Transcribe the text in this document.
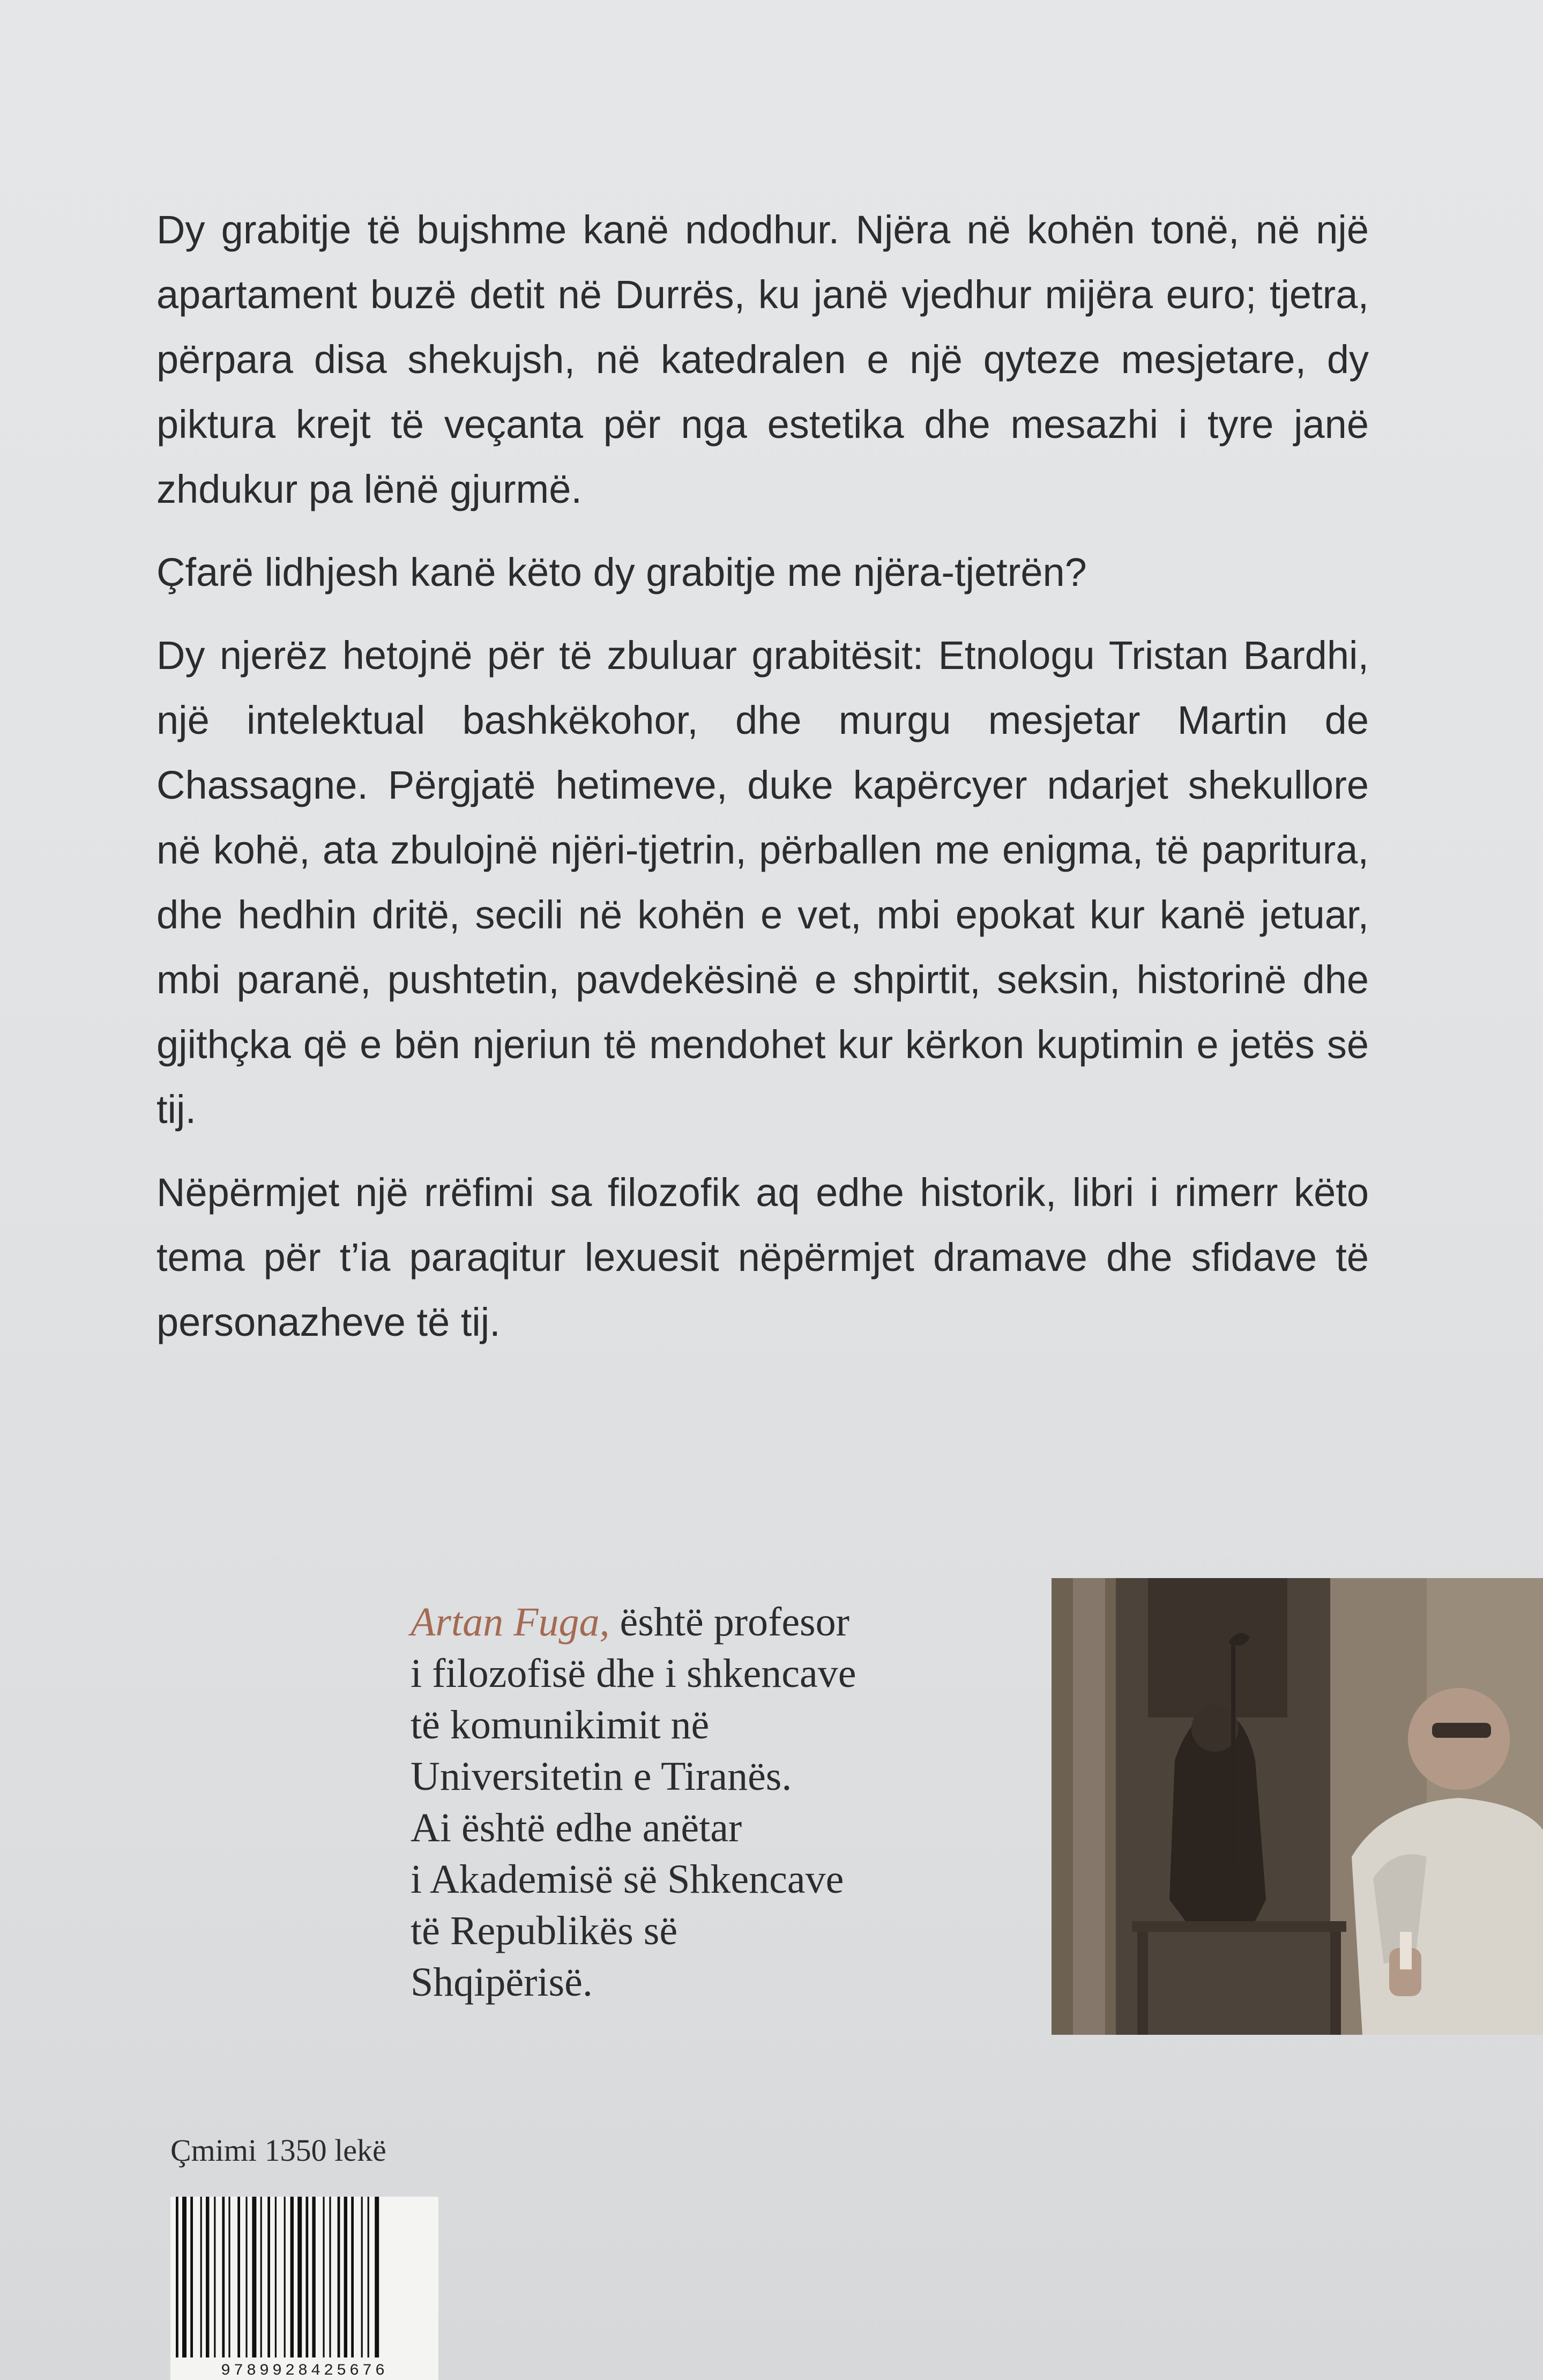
Dy grabitje të bujshme kanë ndodhur. Njëra në kohën tonë, në një apartament buzë detit në Durrës, ku janë vjedhur mijëra euro; tjetra, përpara disa shekujsh, në katedralen e një qyteze mesjetare, dy piktura krejt të veçanta për nga estetika dhe mesazhi i tyre janë zhdukur pa lënë gjurmë.

Çfarë lidhjesh kanë këto dy grabitje me njëra-tjetrën?

Dy njerëz hetojnë për të zbuluar grabitësit: Etnologu Tristan Bardhi, një intelektual bashkëkohor, dhe murgu mesjetar Martin de Chassagne. Përgjatë hetimeve, duke kapërcyer ndarjet shekullore në kohë, ata zbulojnë njëri-tjetrin, përballen me enigma, të papritura, dhe hedhin dritë, secili në kohën e vet, mbi epokat kur kanë jetuar, mbi paranë, pushtetin, pavdekësinë e shpirtit, seksin, historinë dhe gjithçka që e bën njeriun të mendohet kur kërkon kuptimin e jetës së tij.

Nëpërmjet një rrëfimi sa filozofik aq edhe historik, libri i rimerr këto tema për t’ia paraqitur lexuesit nëpërmjet dramave dhe sfidave të personazheve të tij.

Artan Fuga, është profesor
i filozofisë dhe i shkencave
të komunikimit në
Universitetin e Tiranës.
Ai është edhe anëtar
i Akademisë së Shkencave
të Republikës së
Shqipërisë.
Çmimi 1350 lekë
9789928425676
